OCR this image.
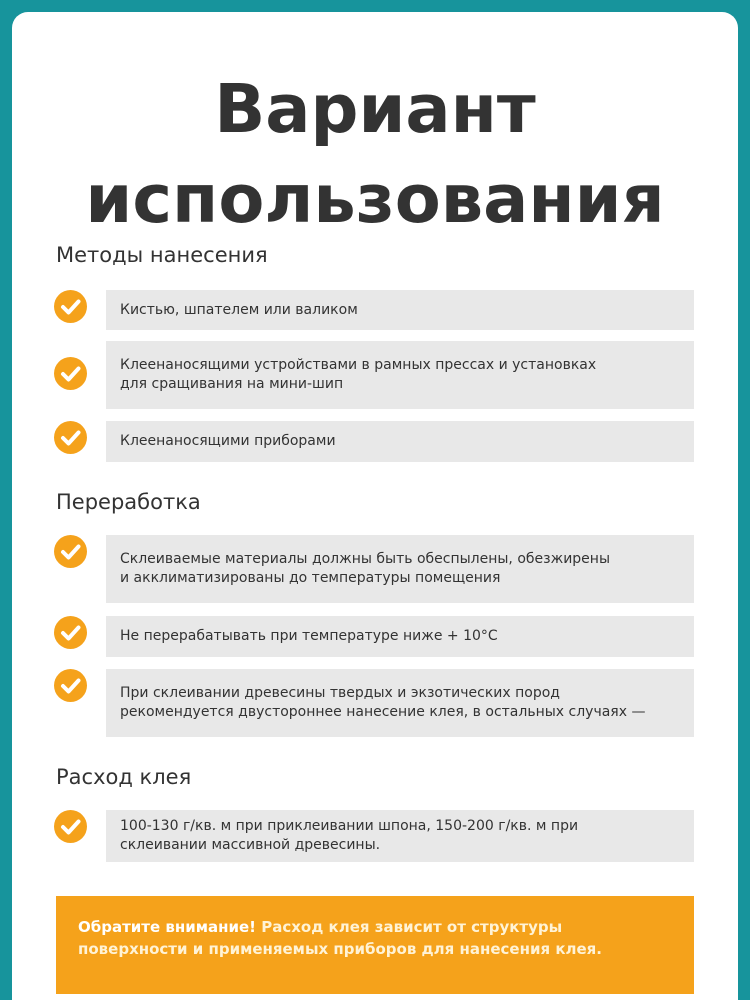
Вариант
использования
Методы нанесения
Кистью, шпателем или валиком
Клеенаносящими устройствами в рамных прессах и установках
для сращивания на мини-шип
Клеенаносящими приборами
Переработка
Склеиваемые материалы должны быть обеспылены, обезжирены
и акклиматизированы до температуры помещения
Не перерабатывать при температуре ниже + 10°C
При склеивании древесины твердых и экзотических пород
рекомендуется двустороннее нанесение клея, в остальных случаях —
Расход клея
100-130 г/кв. м при приклеивании шпона, 150-200 г/кв. м при
склеивании массивной древесины.
Обратите внимание! Расход клея зависит от структуры поверхности и применяемых приборов для нанесения клея.
